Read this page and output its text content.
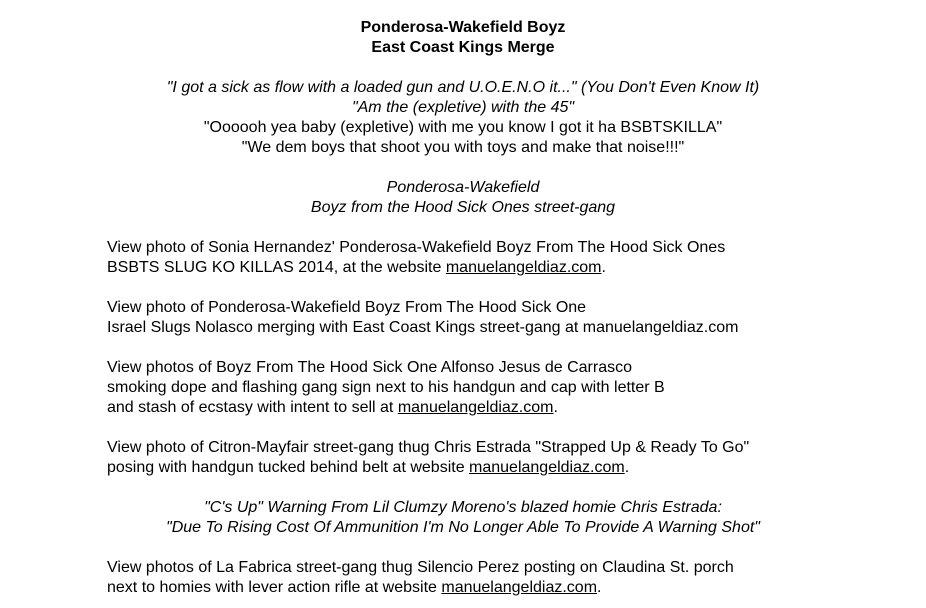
Ponderosa-Wakefield Boyz
East Coast Kings Merge
"I got a sick as flow with a loaded gun and U.O.E.N.O it..." (You Don't Even Know It)
"Am the (expletive) with the 45"
"Oooooh yea baby (expletive) with me you know I got it ha BSBTSKILLA"
"We dem boys that shoot you with toys and make that noise!!!"
Ponderosa-Wakefield
Boyz from the Hood Sick Ones street-gang
View photo of Sonia Hernandez' Ponderosa-Wakefield Boyz From The Hood Sick Ones
BSBTS SLUG KO KILLAS 2014, at the website manuelangeldiaz.com.
View photo of Ponderosa-Wakefield Boyz From The Hood Sick One
Israel Slugs Nolasco merging with East Coast Kings street-gang at manuelangeldiaz.com
View photos of Boyz From The Hood Sick One Alfonso Jesus de Carrasco
smoking dope and flashing gang sign next to his handgun and cap with letter B
and stash of ecstasy with intent to sell at manuelangeldiaz.com.
View photo of Citron-Mayfair street-gang thug Chris Estrada "Strapped Up & Ready To Go"
posing with handgun tucked behind belt at website manuelangeldiaz.com.
"C's Up" Warning From Lil Clumzy Moreno's blazed homie Chris Estrada:
"Due To Rising Cost Of Ammunition I'm No Longer Able To Provide A Warning Shot"
View photos of La Fabrica street-gang thug Silencio Perez posting on Claudina St. porch
next to homies with lever action rifle at website manuelangeldiaz.com.
